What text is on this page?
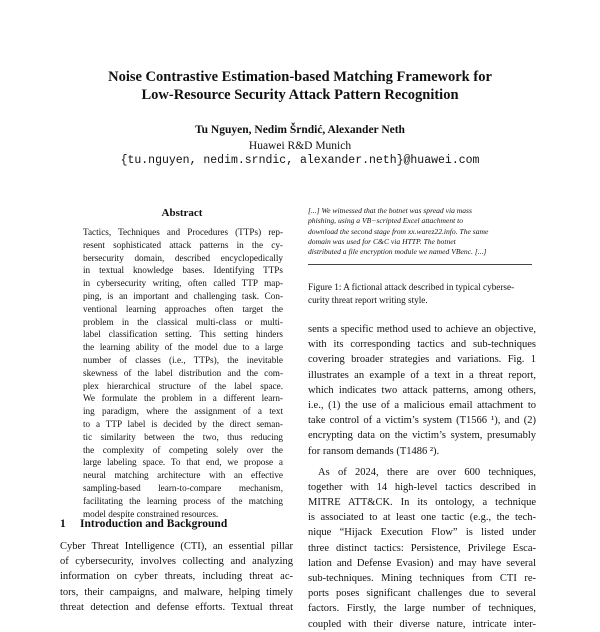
Noise Contrastive Estimation-based Matching Framework for
Low-Resource Security Attack Pattern Recognition
Tu Nguyen, Nedim Šrndić, Alexander Neth
Huawei R&D Munich
{tu.nguyen, nedim.srndic, alexander.neth}@huawei.com
Abstract
Tactics, Techniques and Procedures (TTPs) rep-
resent sophisticated attack patterns in the cy-
bersecurity domain, described encyclopedically
in textual knowledge bases. Identifying TTPs
in cybersecurity writing, often called TTP map-
ping, is an important and challenging task. Con-
ventional learning approaches often target the
problem in the classical multi-class or multi-
label classification setting. This setting hinders
the learning ability of the model due to a large
number of classes (i.e., TTPs), the inevitable
skewness of the label distribution and the com-
plex hierarchical structure of the label space.
We formulate the problem in a different learn-
ing paradigm, where the assignment of a text
to a TTP label is decided by the direct seman-
tic similarity between the two, thus reducing
the complexity of competing solely over the
large labeling space. To that end, we propose a
neural matching architecture with an effective
sampling-based learn-to-compare mechanism,
facilitating the learning process of the matching
model despite constrained resources.
1 Introduction and Background
Cyber Threat Intelligence (CTI), an essential pillar
of cybersecurity, involves collecting and analyzing
information on cyber threats, including threat ac-
tors, their campaigns, and malware, helping timely
threat detection and defense efforts. Textual threat
[...] We witnessed that the botnet was spread via mass
phishing, using a VB−scripted Excel attachment to
download the second stage from xx.warez22.info. The same
domain was used for C&C via HTTP. The botnet
distributed a file encryption module we named VBenc. [...]
Figure 1: A fictional attack described in typical cyberse-
curity threat report writing style.
sents a specific method used to achieve an objective,
with its corresponding tactics and sub-techniques
covering broader strategies and variations. Fig. 1
illustrates an example of a text in a threat report,
which indicates two attack patterns, among others,
i.e., (1) the use of a malicious email attachment to
take control of a victim’s system (T1566 ¹), and (2)
encrypting data on the victim’s system, presumably
for ransom demands (T1486 ²).
As of 2024, there are over 600 techniques,
together with 14 high-level tactics described in
MITRE ATT&CK. In its ontology, a technique
is associated to at least one tactic (e.g., the tech-
nique “Hijack Execution Flow” is listed under
three distinct tactics: Persistence, Privilege Esca-
lation and Defense Evasion) and may have several
sub-techniques. Mining techniques from CTI re-
ports poses significant challenges due to several
factors. Firstly, the large number of techniques,
coupled with their diverse nature, intricate inter-
